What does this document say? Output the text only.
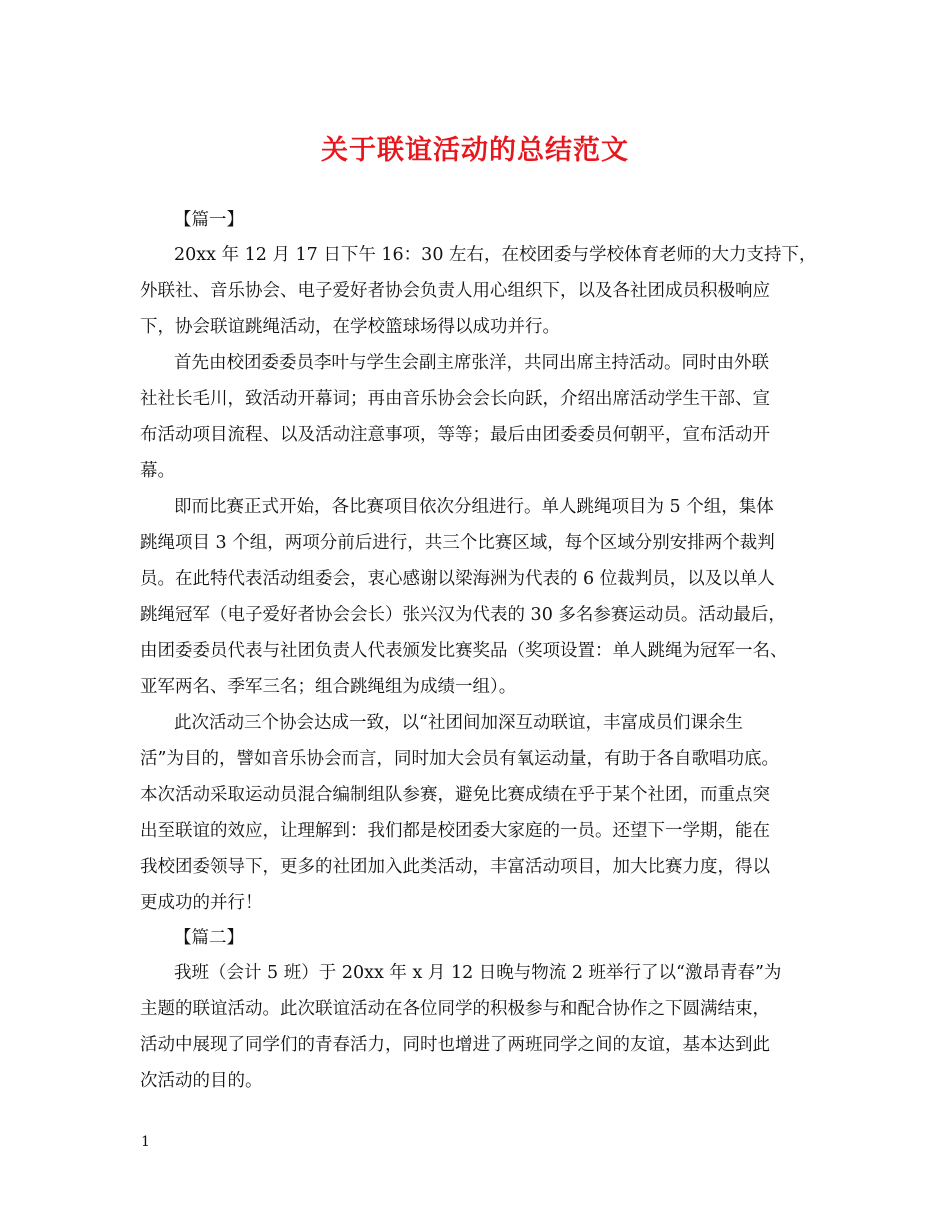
关于联谊活动的总结范文

【篇一】

20xx 年 12 月 17 日下午 16：30 左右，在校团委与学校体育老师的大力支持下，
外联社、音乐协会、电子爱好者协会负责人用心组织下，以及各社团成员积极响应
下，协会联谊跳绳活动，在学校篮球场得以成功并行。

首先由校团委委员李叶与学生会副主席张洋，共同出席主持活动。同时由外联
社社长毛川，致活动开幕词；再由音乐协会会长向跃，介绍出席活动学生干部、宣
布活动项目流程、以及活动注意事项，等等；最后由团委委员何朝平，宣布活动开
幕。

即而比赛正式开始，各比赛项目依次分组进行。单人跳绳项目为 5 个组，集体
跳绳项目 3 个组，两项分前后进行，共三个比赛区域，每个区域分别安排两个裁判
员。在此特代表活动组委会，衷心感谢以梁海洲为代表的 6 位裁判员，以及以单人
跳绳冠军（电子爱好者协会会长）张兴汉为代表的 30 多名参赛运动员。活动最后，
由团委委员代表与社团负责人代表颁发比赛奖品（奖项设置：单人跳绳为冠军一名、
亚军两名、季军三名；组合跳绳组为成绩一组）。

此次活动三个协会达成一致，以“社团间加深互动联谊，丰富成员们课余生
活”为目的，譬如音乐协会而言，同时加大会员有氧运动量，有助于各自歌唱功底。
本次活动采取运动员混合编制组队参赛，避免比赛成绩在乎于某个社团，而重点突
出至联谊的效应，让理解到：我们都是校团委大家庭的一员。还望下一学期，能在
我校团委领导下，更多的社团加入此类活动，丰富活动项目，加大比赛力度，得以
更成功的并行！

【篇二】

我班（会计 5 班）于 20xx 年 x 月 12 日晚与物流 2 班举行了以“激昂青春”为
主题的联谊活动。此次联谊活动在各位同学的积极参与和配合协作之下圆满结束，
活动中展现了同学们的青春活力，同时也增进了两班同学之间的友谊，基本达到此
次活动的目的。

1
